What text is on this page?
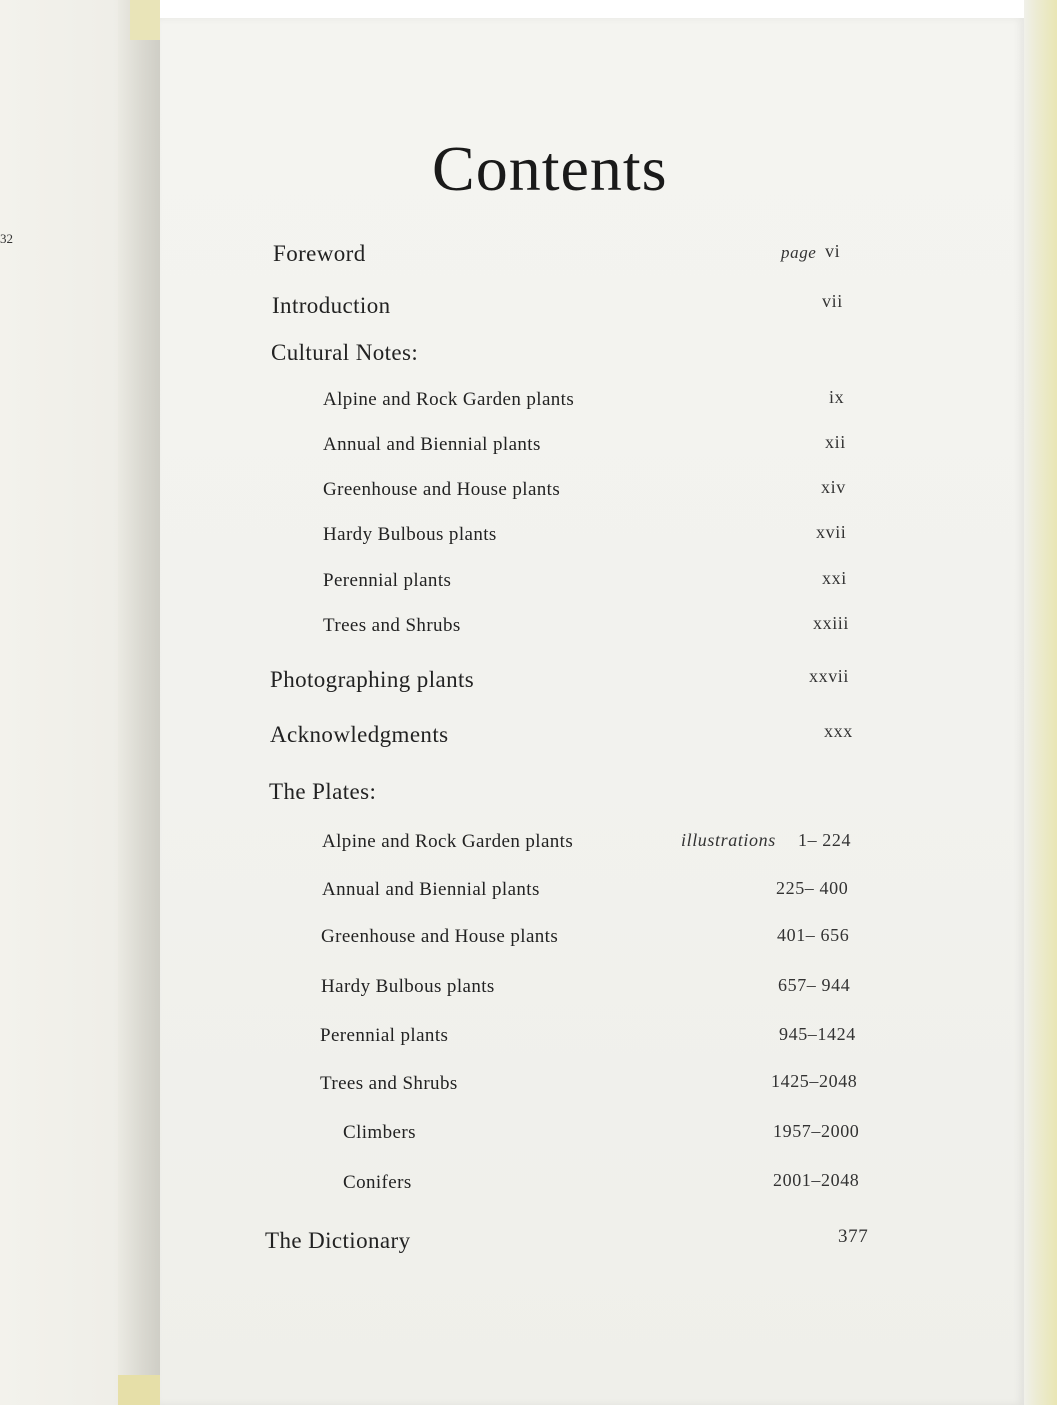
32
Contents
Foreword	page vi
Introduction	vii
Cultural Notes:
Alpine and Rock Garden plants	ix
Annual and Biennial plants	xii
Greenhouse and House plants	xiv
Hardy Bulbous plants	xvii
Perennial plants	xxi
Trees and Shrubs	xxiii
Photographing plants	xxvii
Acknowledgments	xxx
The Plates:
Alpine and Rock Garden plants	illustrations 1– 224
Annual and Biennial plants	225– 400
Greenhouse and House plants	401– 656
Hardy Bulbous plants	657– 944
Perennial plants	945–1424
Trees and Shrubs	1425–2048
Climbers	1957–2000
Conifers	2001–2048
The Dictionary	377
